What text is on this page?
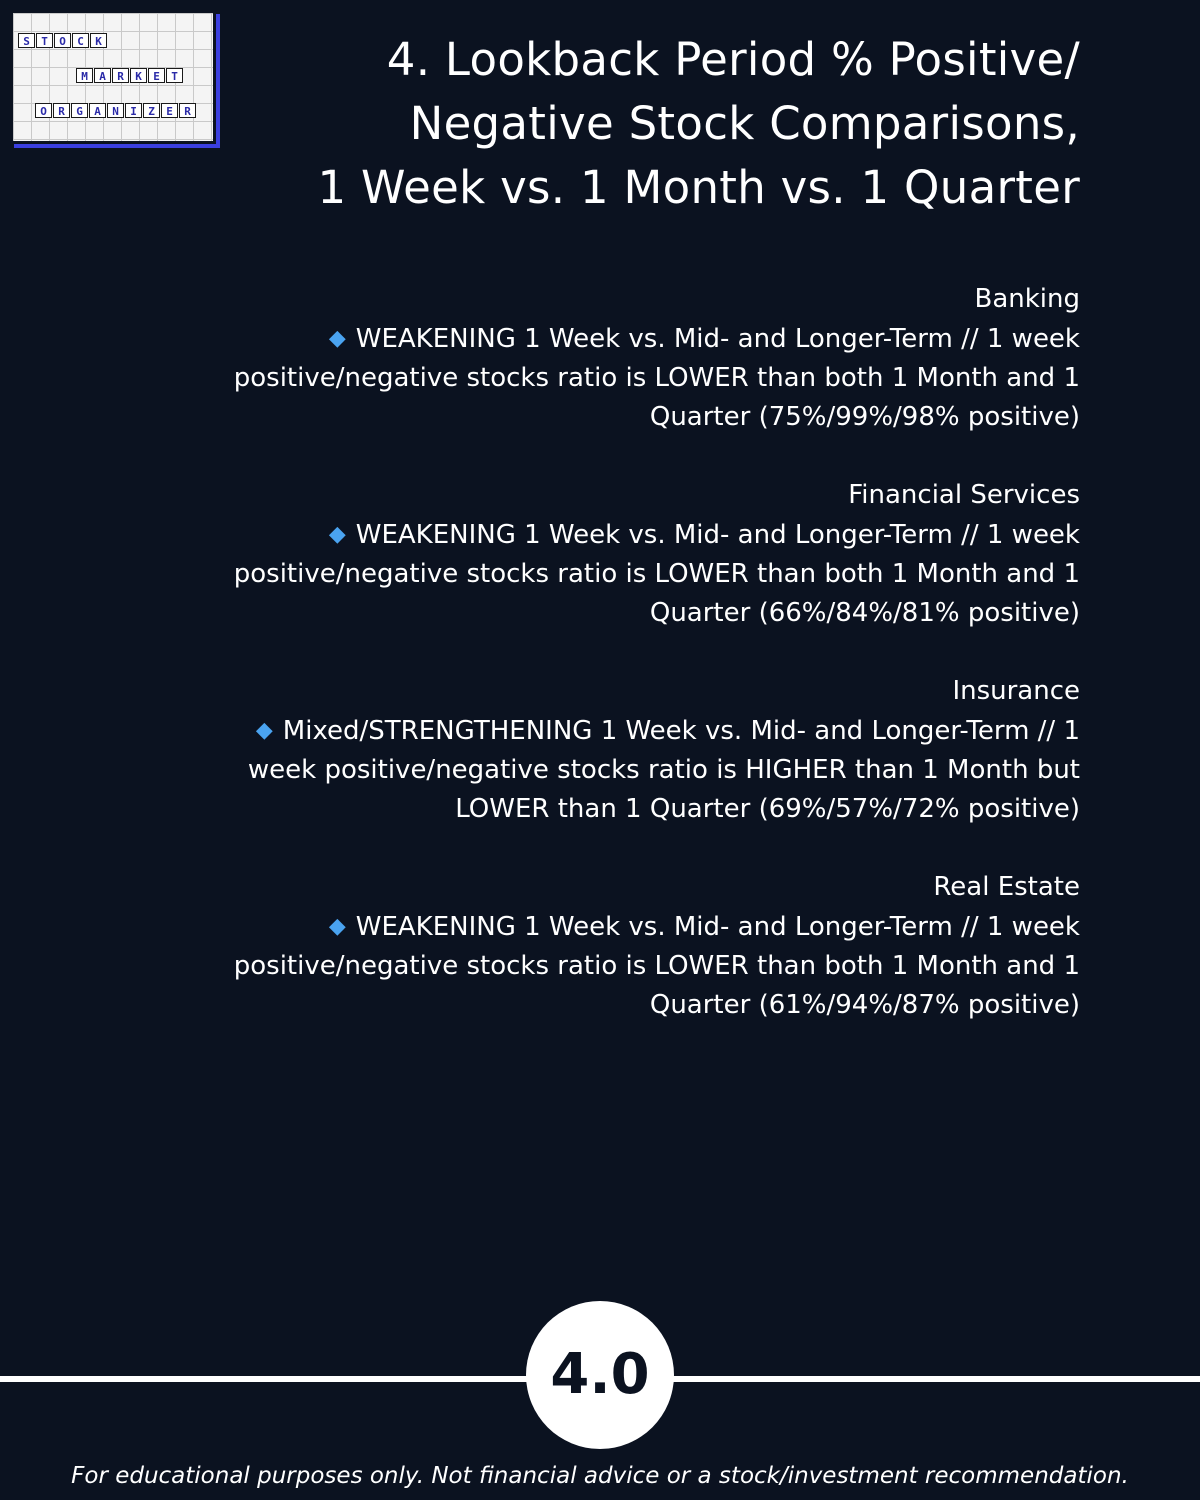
S	T	O	C	K
M	A	R	K	E	T
O	R	G	A	N	I	Z	E	R
4. Lookback Period % Positive/
Negative Stock Comparisons,
1 Week vs. 1 Month vs. 1 Quarter
Banking
◆ WEAKENING 1 Week vs. Mid- and Longer-Term // 1 week positive/negative stocks ratio is LOWER than both 1 Month and 1 Quarter (75%/99%/98% positive)
Financial Services
◆ WEAKENING 1 Week vs. Mid- and Longer-Term // 1 week positive/negative stocks ratio is LOWER than both 1 Month and 1 Quarter (66%/84%/81% positive)
Insurance
◆ Mixed/STRENGTHENING 1 Week vs. Mid- and Longer-Term // 1 week positive/negative stocks ratio is HIGHER than 1 Month but LOWER than 1 Quarter (69%/57%/72% positive)
Real Estate
◆ WEAKENING 1 Week vs. Mid- and Longer-Term // 1 week positive/negative stocks ratio is LOWER than both 1 Month and 1 Quarter (61%/94%/87% positive)
4.0
For educational purposes only. Not financial advice or a stock/investment recommendation.
